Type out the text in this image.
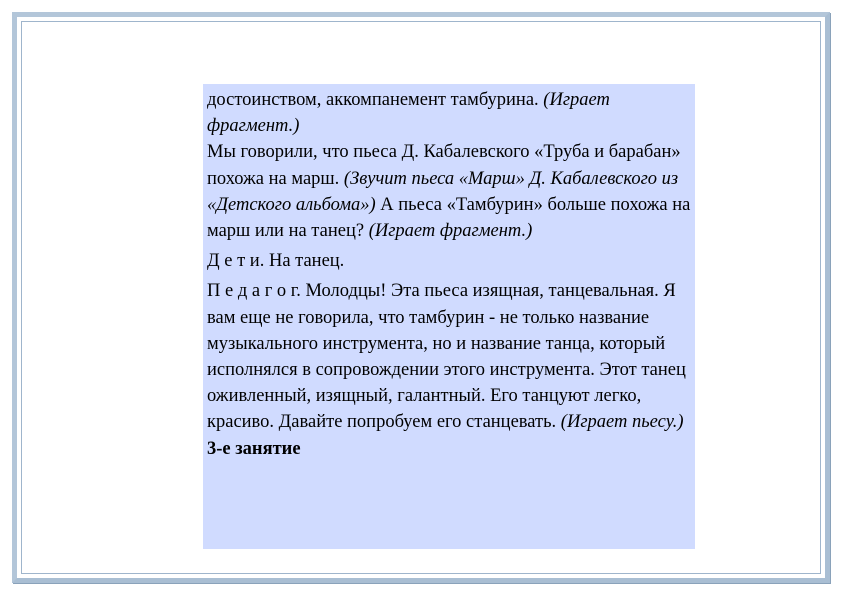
достоинством, аккомпанемент тамбурина. (Играет фрагмент.)

Мы говорили, что пьеса Д. Кабалевского «Труба и барабан» похожа на марш. (Звучит пьеса «Марш» Д. Кабалевского из «Детского альбома») А пьеса «Тамбурин» больше похожа на марш или на танец? (Играет фрагмент.)

Д е т и. На танец.

П е д а г о г. Молодцы! Эта пьеса изящная, танцевальная. Я вам еще не говорила, что тамбурин - не только название музыкального инструмента, но и название танца, который исполнялся в сопровождении этого инструмента. Этот танец оживленный, изящный, галантный. Его танцуют легко, красиво. Давайте попробуем его станцевать. (Играет пьесу.)

3-е занятие
